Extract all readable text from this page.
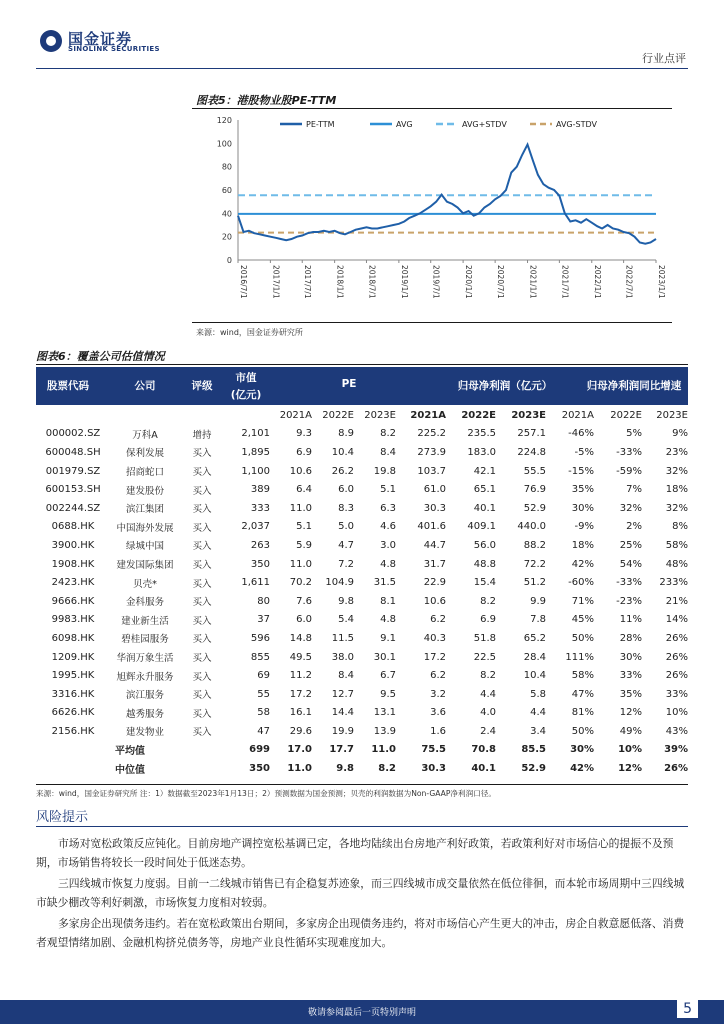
国金证券
SINOLINK SECURITIES
行业点评
图表5：港股物业股PE-TTM
0
20
40
60
80
100
120
2016/7/1	2017/1/1	2017/7/1	2018/1/1	2018/7/1	2019/1/1	2019/7/1	2020/1/1	2020/7/1	2021/1/1	2021/7/1	2022/1/1	2022/7/1	2023/1/1
PE-TTM	AVG	AVG+STDV	AVG-STDV
来源：wind，国金证券研究所
图表6：覆盖公司估值情况
股票代码	公司	评级
市值
(亿元)
PE	归母净利润（亿元）	归母净利润同比增速
				2021A	2022E	2023E	2021A	2022E	2023E	2021A	2022E	2023E
000002.SZ	万科A	增持	2,101	9.3	8.9	8.2	225.2	235.5	257.1	-46%	5%	9%
600048.SH	保利发展	买入	1,895	6.9	10.4	8.4	273.9	183.0	224.8	-5%	-33%	23%
001979.SZ	招商蛇口	买入	1,100	10.6	26.2	19.8	103.7	42.1	55.5	-15%	-59%	32%
600153.SH	建发股份	买入	389	6.4	6.0	5.1	61.0	65.1	76.9	35%	7%	18%
002244.SZ	滨江集团	买入	333	11.0	8.3	6.3	30.3	40.1	52.9	30%	32%	32%
0688.HK	中国海外发展	买入	2,037	5.1	5.0	4.6	401.6	409.1	440.0	-9%	2%	8%
3900.HK	绿城中国	买入	263	5.9	4.7	3.0	44.7	56.0	88.2	18%	25%	58%
1908.HK	建发国际集团	买入	350	11.0	7.2	4.8	31.7	48.8	72.2	42%	54%	48%
2423.HK	贝壳*	买入	1,611	70.2	104.9	31.5	22.9	15.4	51.2	-60%	-33%	233%
9666.HK	金科服务	买入	80	7.6	9.8	8.1	10.6	8.2	9.9	71%	-23%	21%
9983.HK	建业新生活	买入	37	6.0	5.4	4.8	6.2	6.9	7.8	45%	11%	14%
6098.HK	碧桂园服务	买入	596	14.8	11.5	9.1	40.3	51.8	65.2	50%	28%	26%
1209.HK	华润万象生活	买入	855	49.5	38.0	30.1	17.2	22.5	28.4	111%	30%	26%
1995.HK	旭辉永升服务	买入	69	11.2	8.4	6.7	6.2	8.2	10.4	58%	33%	26%
3316.HK	滨江服务	买入	55	17.2	12.7	9.5	3.2	4.4	5.8	47%	35%	33%
6626.HK	越秀服务	买入	58	16.1	14.4	13.1	3.6	4.0	4.4	81%	12%	10%
2156.HK	建发物业	买入	47	29.6	19.9	13.9	1.6	2.4	3.4	50%	49%	43%
平均值			699	17.0	17.7	11.0	75.5	70.8	85.5	30%	10%	39%
中位值			350	11.0	9.8	8.2	30.3	40.1	52.9	42%	12%	26%
来源：wind，国金证券研究所 注：1）数据截至2023年1月13日；2）预测数据为国金预测；贝壳的利润数据为Non-GAAP净利润口径。
风险提示
市场对宽松政策反应钝化。目前房地产调控宽松基调已定，各地均陆续出台房地产利好政策，若政策利好对市场信心的提振不及预期，市场销售将较长一段时间处于低迷态势。
三四线城市恢复力度弱。目前一二线城市销售已有企稳复苏迹象，而三四线城市成交量依然在低位徘徊，而本轮市场周期中三四线城市缺少棚改等利好刺激，市场恢复力度相对较弱。
多家房企出现债务违约。若在宽松政策出台期间，多家房企出现债务违约，将对市场信心产生更大的冲击，房企自救意愿低落、消费者观望情绪加剧、金融机构挤兑债务等，房地产业良性循环实现难度加大。
敬请参阅最后一页特别声明	5
